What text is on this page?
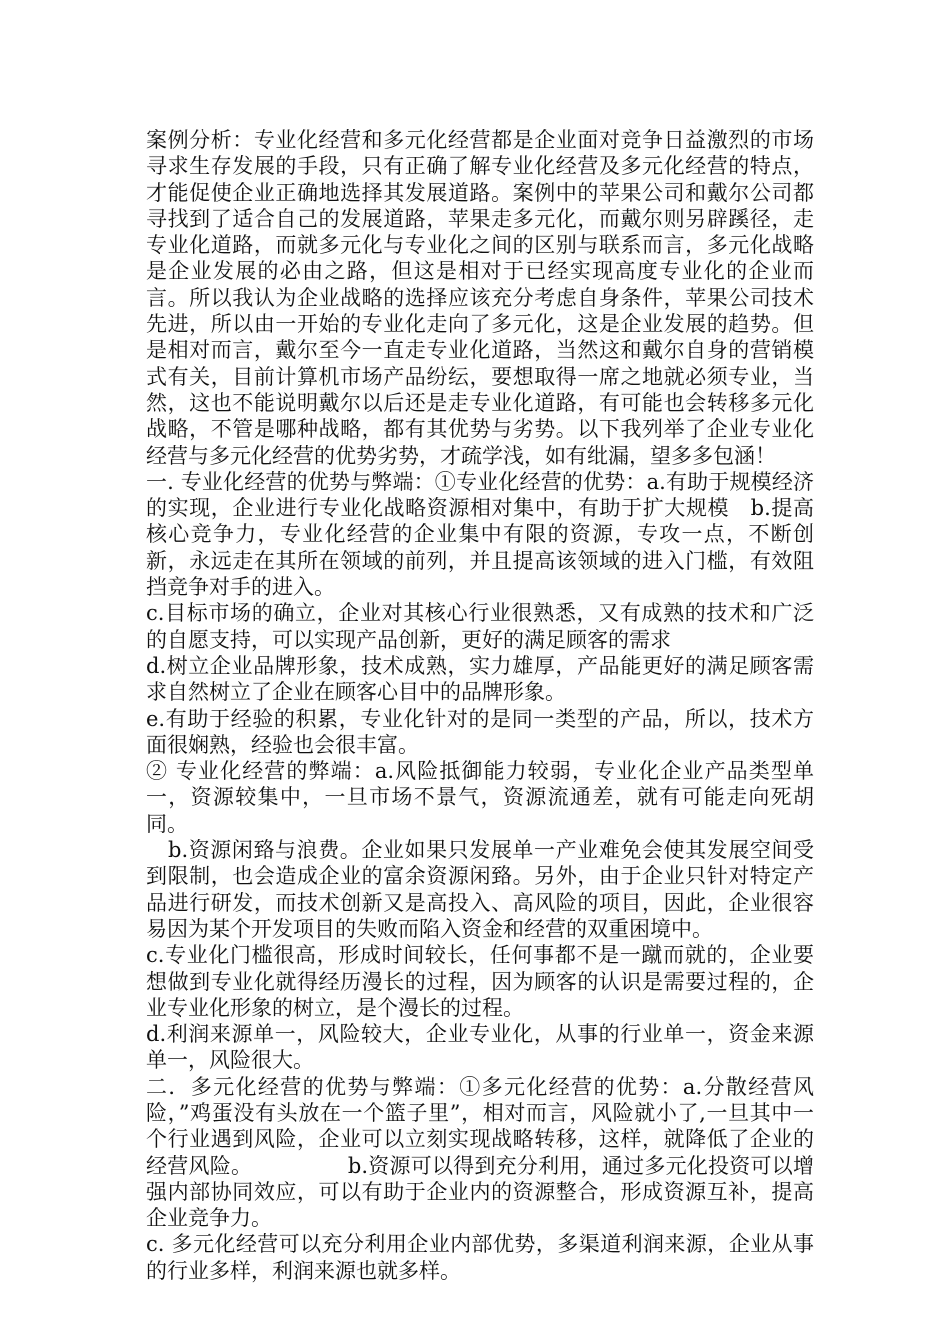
案例分析：专业化经营和多元化经营都是企业面对竞争日益激烈的市场寻求生存发展的手段，只有正确了解专业化经营及多元化经营的特点，才能促使企业正确地选择其发展道路。案例中的苹果公司和戴尔公司都寻找到了适合自己的发展道路，苹果走多元化，而戴尔则另辟蹊径，走专业化道路，而就多元化与专业化之间的区别与联系而言，多元化战略是企业发展的必由之路，但这是相对于已经实现高度专业化的企业而言。所以我认为企业战略的选择应该充分考虑自身条件，苹果公司技术先进，所以由一开始的专业化走向了多元化，这是企业发展的趋势。但是相对而言，戴尔至今一直走专业化道路，当然这和戴尔自身的营销模式有关，目前计算机市场产品纷纭，要想取得一席之地就必须专业，当然，这也不能说明戴尔以后还是走专业化道路，有可能也会转移多元化战略，不管是哪种战略，都有其优势与劣势。以下我列举了企业专业化经营与多元化经营的优势劣势，才疏学浅，如有纰漏，望多多包涵！

一. 专业化经营的优势与弊端：①专业化经营的优势：a.有助于规模经济的实现，企业进行专业化战略资源相对集中，有助于扩大规模　b.提高核心竞争力，专业化经营的企业集中有限的资源，专攻一点，不断创新，永远走在其所在领域的前列，并且提高该领域的进入门槛，有效阻挡竞争对手的进入。

c.目标市场的确立，企业对其核心行业很熟悉，又有成熟的技术和广泛的自愿支持，可以实现产品创新，更好的满足顾客的需求

d.树立企业品牌形象，技术成熟，实力雄厚，产品能更好的满足顾客需求自然树立了企业在顾客心目中的品牌形象。

e.有助于经验的积累，专业化针对的是同一类型的产品，所以，技术方面很娴熟，经验也会很丰富。

② 专业化经营的弊端：a.风险抵御能力较弱，专业化企业产品类型单一，资源较集中，一旦市场不景气，资源流通差，就有可能走向死胡同。

b.资源闲臵与浪费。企业如果只发展单一产业难免会使其发展空间受到限制，也会造成企业的富余资源闲臵。另外，由于企业只针对特定产品进行研发，而技术创新又是高投入、高风险的项目，因此，企业很容易因为某个开发项目的失败而陷入资金和经营的双重困境中。

c.专业化门槛很高，形成时间较长，任何事都不是一蹴而就的，企业要想做到专业化就得经历漫长的过程，因为顾客的认识是需要过程的，企业专业化形象的树立，是个漫长的过程。

d.利润来源单一，风险较大，企业专业化，从事的行业单一，资金来源单一，风险很大。

二．多元化经营的优势与弊端：①多元化经营的优势：a.分散经营风险，”鸡蛋没有头放在一个篮子里”，相对而言，风险就小了,一旦其中一个行业遇到风险，企业可以立刻实现战略转移，这样，就降低了企业的经营风险。　　　　　b.资源可以得到充分利用，通过多元化投资可以增强内部协同效应，可以有助于企业内的资源整合，形成资源互补，提高企业竞争力。

c. 多元化经营可以充分利用企业内部优势，多渠道利润来源，企业从事的行业多样，利润来源也就多样。
